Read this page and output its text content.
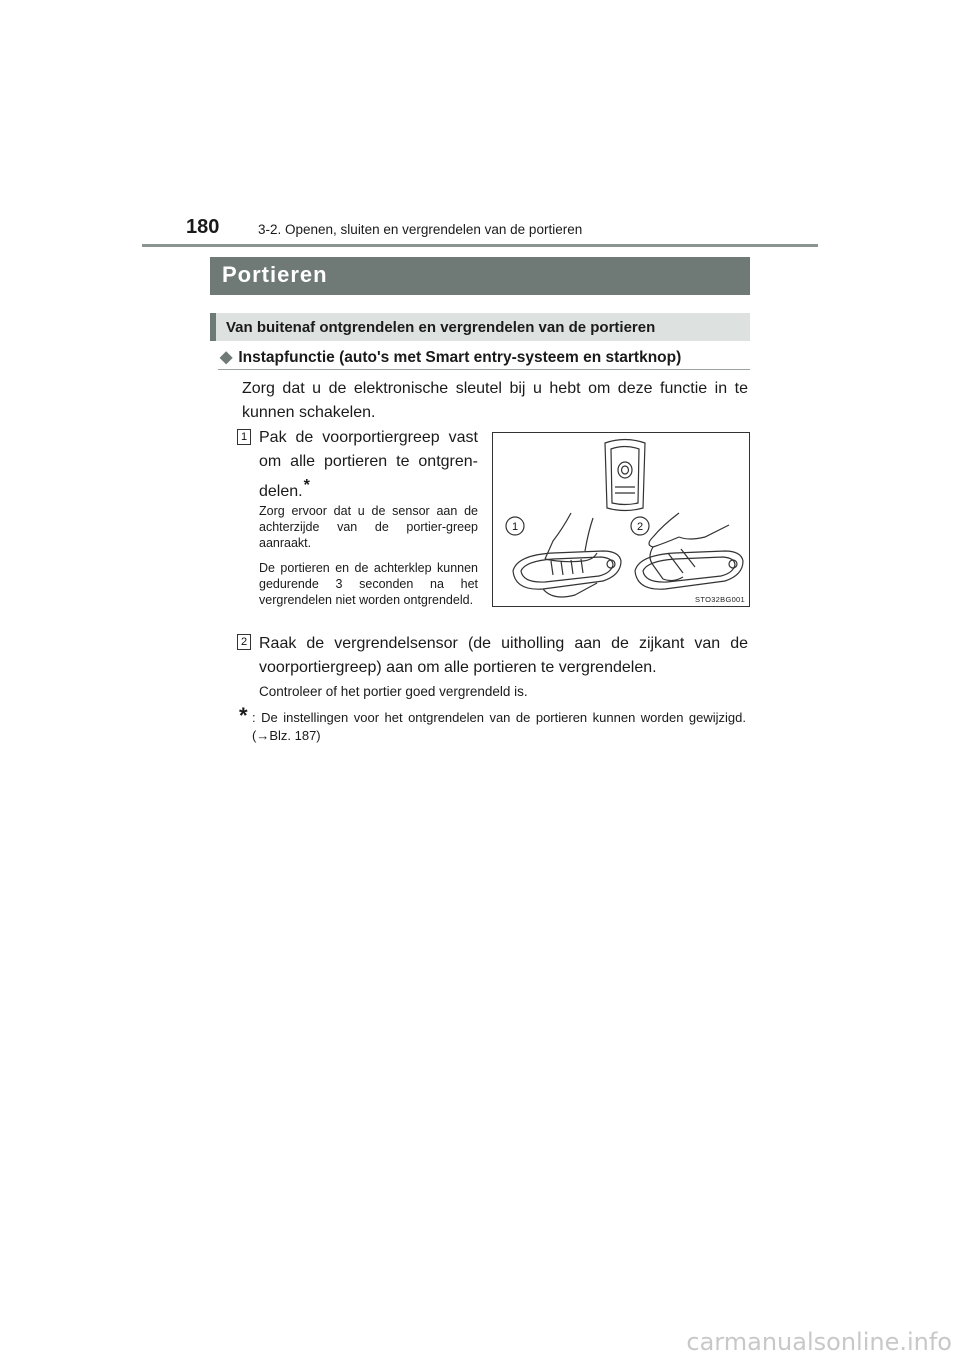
180	3-2. Openen, sluiten en vergrendelen van de portieren
Portieren
Van buitenaf ontgrendelen en vergrendelen van de portieren
◆ Instapfunctie (auto's met Smart entry-systeem en startknop)
Zorg dat u de elektronische sleutel bij u hebt om deze functie in te kunnen schakelen.
1 Pak de voorportiergreep vast om alle portieren te ontgren-delen.*
Zorg ervoor dat u de sensor aan de achterzijde van de portier-greep aanraakt.
De portieren en de achterklep kunnen gedurende 3 seconden na het vergrendelen niet worden ontgrendeld.
1	2
STO32BG001
2 Raak de vergrendelsensor (de uitholling aan de zijkant van de voorportiergreep) aan om alle portieren te vergrendelen.
Controleer of het portier goed vergrendeld is.
* : De instellingen voor het ontgrendelen van de portieren kunnen worden gewijzigd. (→Blz. 187)
carmanualsonline.info
